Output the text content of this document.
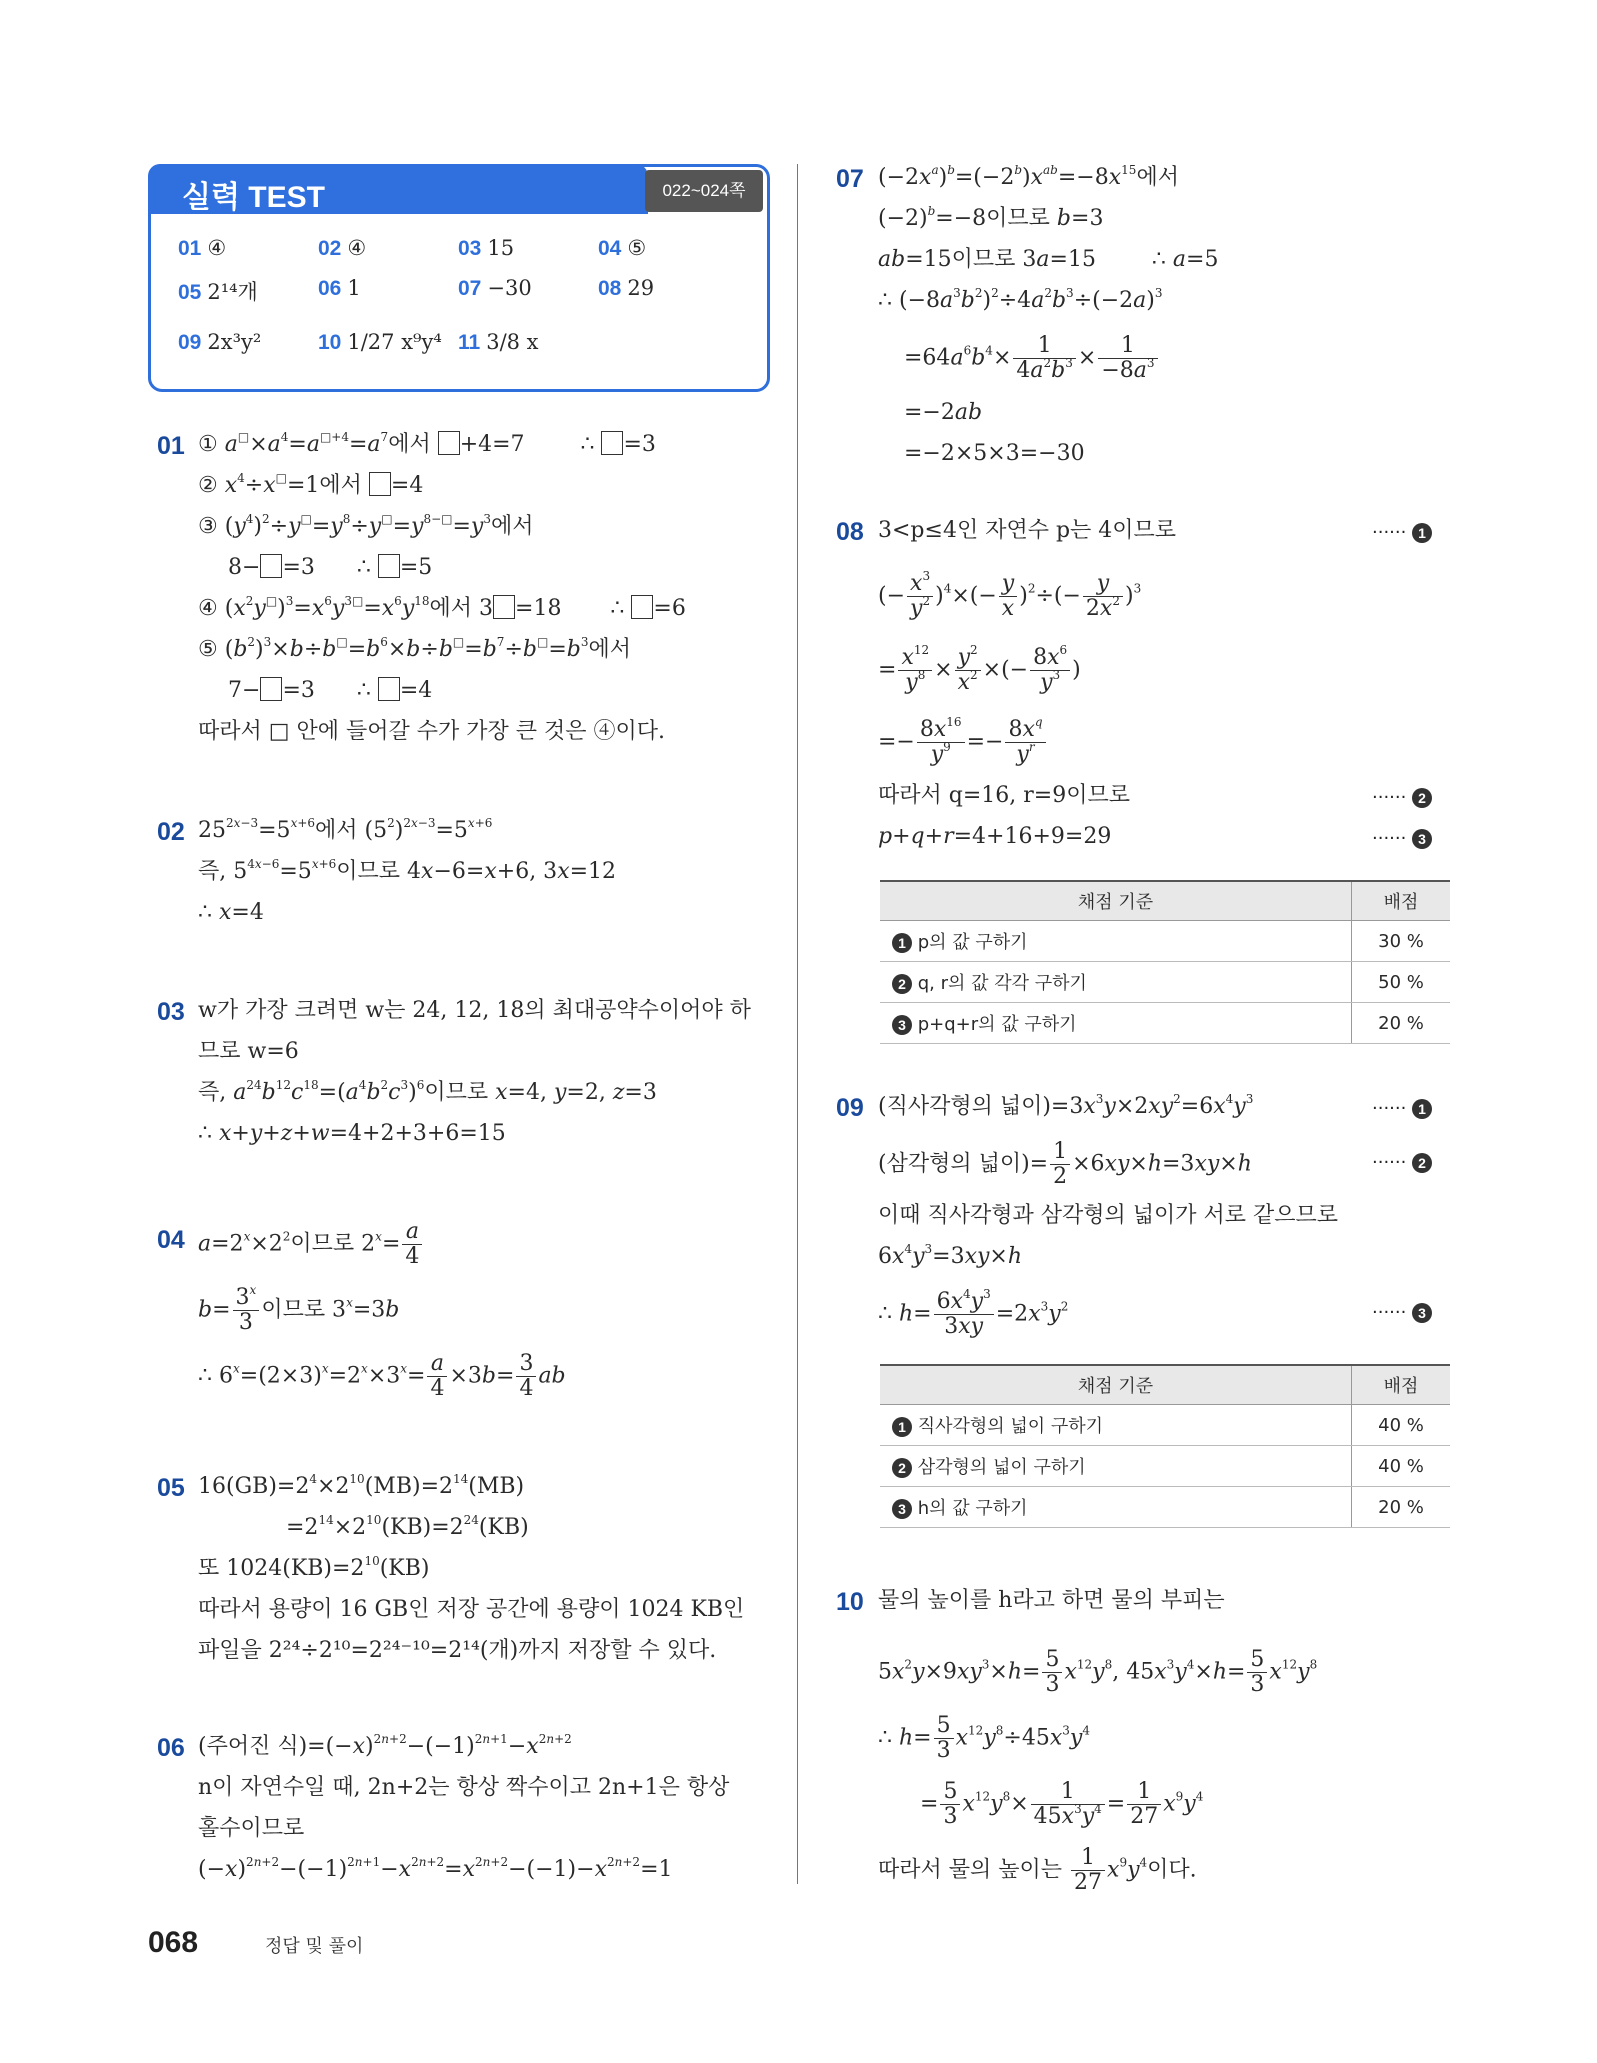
실력 TEST	022~024쪽
01 ④	02 ④	03 15	04 ⑤
05 2¹⁴개	06 1	07 −30	08 29
09 2x³y²	10 1/27 x⁹y⁴ 11 3/8 x
01 ① $a^□\times a^4=a^{□+4}=a^7$에서 +4=7        ∴ =3
② $x^4\div x^□=1$에서 =4
③ $(y^4)^2\div y^□=y^8\div y^□=y^{8-□}=y^3$에서
8− =3      ∴ =5
④ $(x^2y^□)^3=x^6y^{3□}=x^6y^{18}$에서 3 =18       ∴ =6
⑤ $(b^2)^3\times b\div b^□=b^6\times b\div b^□=b^7\div b^□=b^3$에서
7− =3      ∴ =4
따라서 □ 안에 들어갈 수가 가장 큰 것은 ④이다.
02 $25^{2x-3}=5^{x+6}$에서 $(5^2)^{2x-3}=5^{x+6}$
즉, $5^{4x-6}=5^{x+6}$이므로 4x−6=x+6, 3x=12
∴ x=4
03 w가 가장 크려면 w는 24, 12, 18의 최대공약수이어야 하
므로 w=6
즉, $a^{24}b^{12}c^{18}=(a^4b^2c^3)^6$이므로 x=4, y=2, z=3
∴ x+y+z+w=4+2+3+6=15
04 $a=2^x\times 2^2$이므로 $2^x= \frac{a}{4}$
$b= \frac{3^x}{3}$ 이므로 $3^x=3b$
∴ $6^x=(2\times 3)^x=2^x\times 3^x= \frac{a}{4} \times 3b= \frac{3}{4}$ ab
05 $16(GB)=2^4\times 2^{10}(MB)=2^{14}(MB)$
$=2^{14}\times 2^{10}(KB)=2^{24}(KB)$
또 $1024(KB)=2^{10}(KB)$
따라서 용량이 16 GB인 저장 공간에 용량이 1024 KB인
파일을 2²⁴÷2¹⁰=2²⁴⁻¹⁰=2¹⁴(개)까지 저장할 수 있다.
06 (주어진 식)$=(-x)^{2n+2}-(-1)^{2n+1}-x^{2n+2}$
n이 자연수일 때, 2n+2는 항상 짝수이고 2n+1은 항상
홀수이므로
$(-x)^{2n+2}-(-1)^{2n+1}-x^{2n+2}=x^{2n+2}-(-1)-x^{2n+2}=1$
07 $(-2x^a)^b=(-2^b)x^{ab}=-8x^{15}$에서
$(-2)^b=-8$이므로 b=3
ab=15이므로 3a=15        ∴ a=5
∴ $(-8a^3b^2)^2\div 4a^2b^3\div(-2a)^3$
$=64a^6b^4\times \frac{1}{4a^2b^3} \times \frac{1}{-8a^3}$
=−2ab
=−2×5×3=−30
08 3<p≤4인 자연수 p는 4이므로	······ 1
(− $\frac{x^3}{y^2} )^4\times(- \frac{y}{x} )^2\div(- \frac{y}{2x^2} )^3$
= $\frac{x^{12}}{y^8} \times \frac{y^2}{x^2}$ ×(− $\frac{8x^6}{y^3}$ )
=− $\frac{8x^{16}}{y^9} =- \frac{8x^q}{y^r}$
따라서 q=16, r=9이므로	······ 2
p+q+r=4+16+9=29	······ 3
채점 기준	배점
1 p의 값 구하기	30 %
2 q, r의 값 각각 구하기	50 %
3 p+q+r의 값 구하기	20 %
09 (직사각형의 넓이)$=3x^3y\times 2xy^2=6x^4y^3$	······ 1
(삼각형의 넓이)= $\frac{1}{2} \times 6xy\times h=3xy\times h$	······ 2
이때 직사각형과 삼각형의 넓이가 서로 같으므로
$6x^4y^3=3xy\times h$
∴ $h= \frac{6x^4y^3}{3xy} =2x^3y^2$	······ 3
채점 기준	배점
1 직사각형의 넓이 구하기	40 %
2 삼각형의 넓이 구하기	40 %
3 h의 값 구하기	20 %
10 물의 높이를 h라고 하면 물의 부피는
$5x^2y\times 9xy^3\times h= \frac{5}{3} x^{12}y^8$, $45x^3y^4\times h= \frac{5}{3} x^{12}y^8$
∴ $h= \frac{5}{3} x^{12}y^8\div 45x^3y^4$
= $\frac{5}{3} x^{12}y^8\times \frac{1}{45x^3y^4} = \frac{1}{27} x^9y^4$
따라서 물의 높이는 $\frac{1}{27} x^9y^4$이다.
068	정답 및 풀이
